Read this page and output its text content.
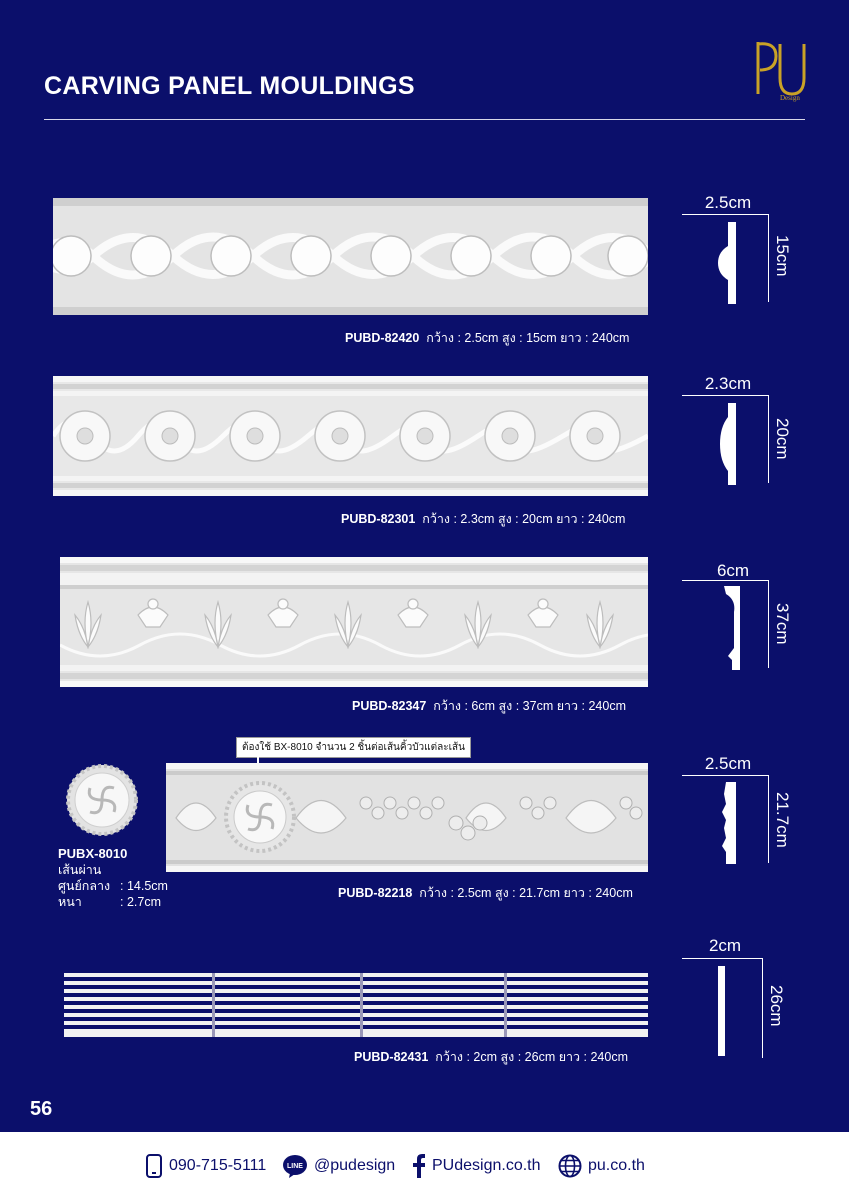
CARVING PANEL MOULDINGS	Design
PUBD-82420 กว้าง : 2.5cm สูง : 15cm ยาว : 240cm
2.5cm
15cm
PUBD-82301 กว้าง : 2.3cm สูง : 20cm ยาว : 240cm
2.3cm
20cm
PUBD-82347 กว้าง : 6cm สูง : 37cm ยาว : 240cm
6cm
37cm
PUBX-8010
เส้นผ่าน
ศูนย์กลาง : 14.5cm
หนา	: 2.7cm
ต้องใช้ BX-8010 จำนวน 2 ชิ้นต่อเส้นคิ้วบัวแต่ละเส้น
PUBD-82218 กว้าง : 2.5cm สูง : 21.7cm ยาว : 240cm
2.5cm
21.7cm
PUBD-82431 กว้าง : 2cm สูง : 26cm ยาว : 240cm
2cm
26cm
56
090-715-5111	LINE @pudesign PUdesign.co.th	pu.co.th
